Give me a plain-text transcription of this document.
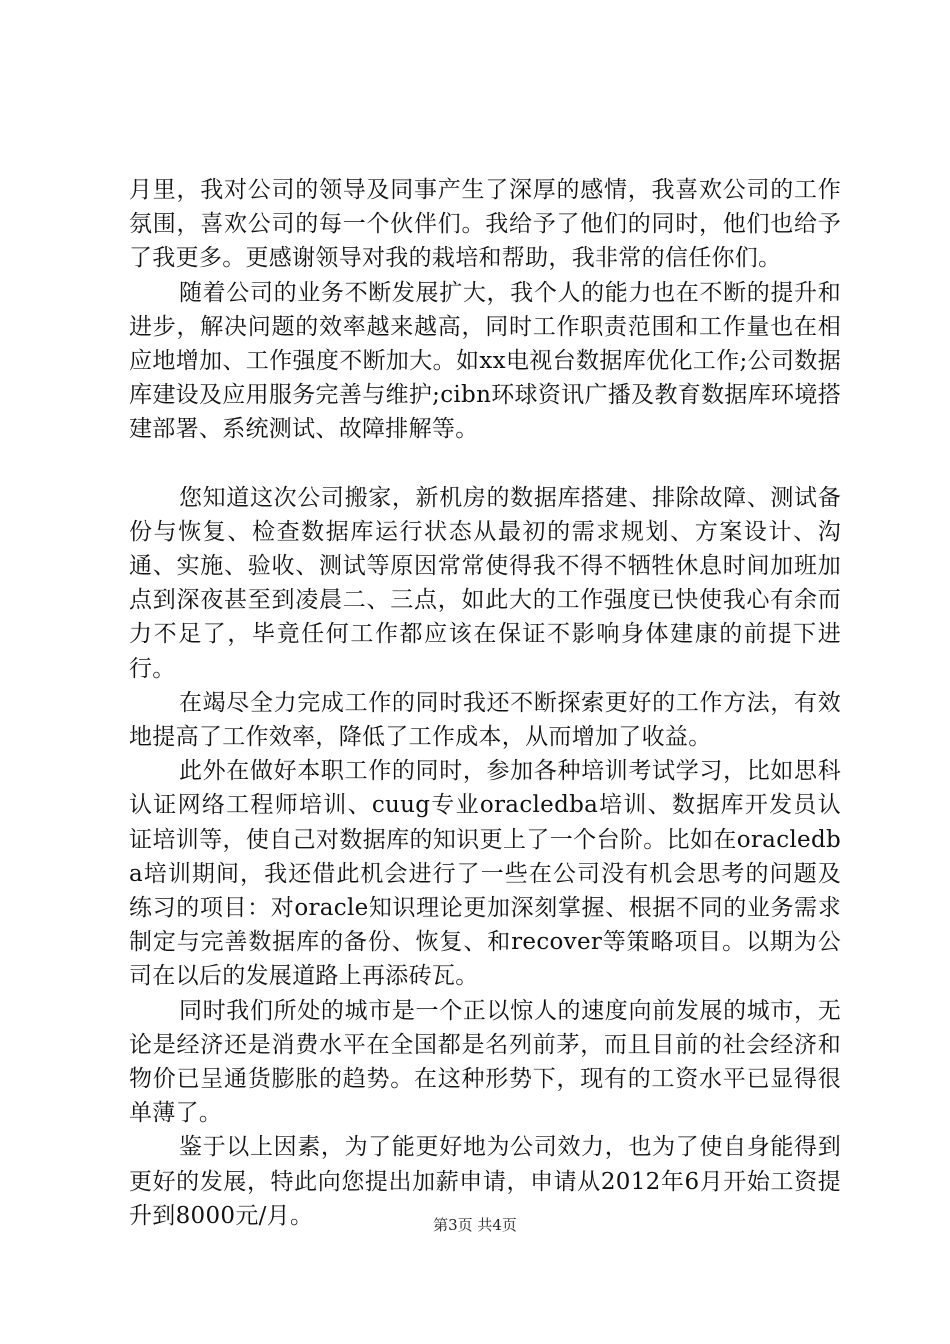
月里，我对公司的领导及同事产生了深厚的感情，我喜欢公司的工作氛围，喜欢公司的每一个伙伴们。我给予了他们的同时，他们也给予了我更多。更感谢领导对我的栽培和帮助，我非常的信任你们。

随着公司的业务不断发展扩大，我个人的能力也在不断的提升和进步，解决问题的效率越来越高，同时工作职责范围和工作量也在相应地增加、工作强度不断加大。如xx电视台数据库优化工作;公司数据库建设及应用服务完善与维护;cibn环球资讯广播及教育数据库环境搭建部署、系统测试、故障排解等。

您知道这次公司搬家，新机房的数据库搭建、排除故障、测试备份与恢复、检查数据库运行状态从最初的需求规划、方案设计、沟通、实施、验收、测试等原因常常使得我不得不牺牲休息时间加班加点到深夜甚至到凌晨二、三点，如此大的工作强度已快使我心有余而力不足了，毕竟任何工作都应该在保证不影响身体建康的前提下进行。

在竭尽全力完成工作的同时我还不断探索更好的工作方法，有效地提高了工作效率，降低了工作成本，从而增加了收益。

此外在做好本职工作的同时，参加各种培训考试学习，比如思科认证网络工程师培训、cuug专业oracledba培训、数据库开发员认证培训等，使自己对数据库的知识更上了一个台阶。比如在oracledba培训期间，我还借此机会进行了一些在公司没有机会思考的问题及练习的项目：对oracle知识理论更加深刻掌握、根据不同的业务需求制定与完善数据库的备份、恢复、和recover等策略项目。以期为公司在以后的发展道路上再添砖瓦。

同时我们所处的城市是一个正以惊人的速度向前发展的城市，无论是经济还是消费水平在全国都是名列前茅，而且目前的社会经济和物价已呈通货膨胀的趋势。在这种形势下，现有的工资水平已显得很单薄了。

鉴于以上因素，为了能更好地为公司效力，也为了使自身能得到更好的发展，特此向您提出加薪申请，申请从2012年6月开始工资提升到8000元/月。	第3页 共4页
